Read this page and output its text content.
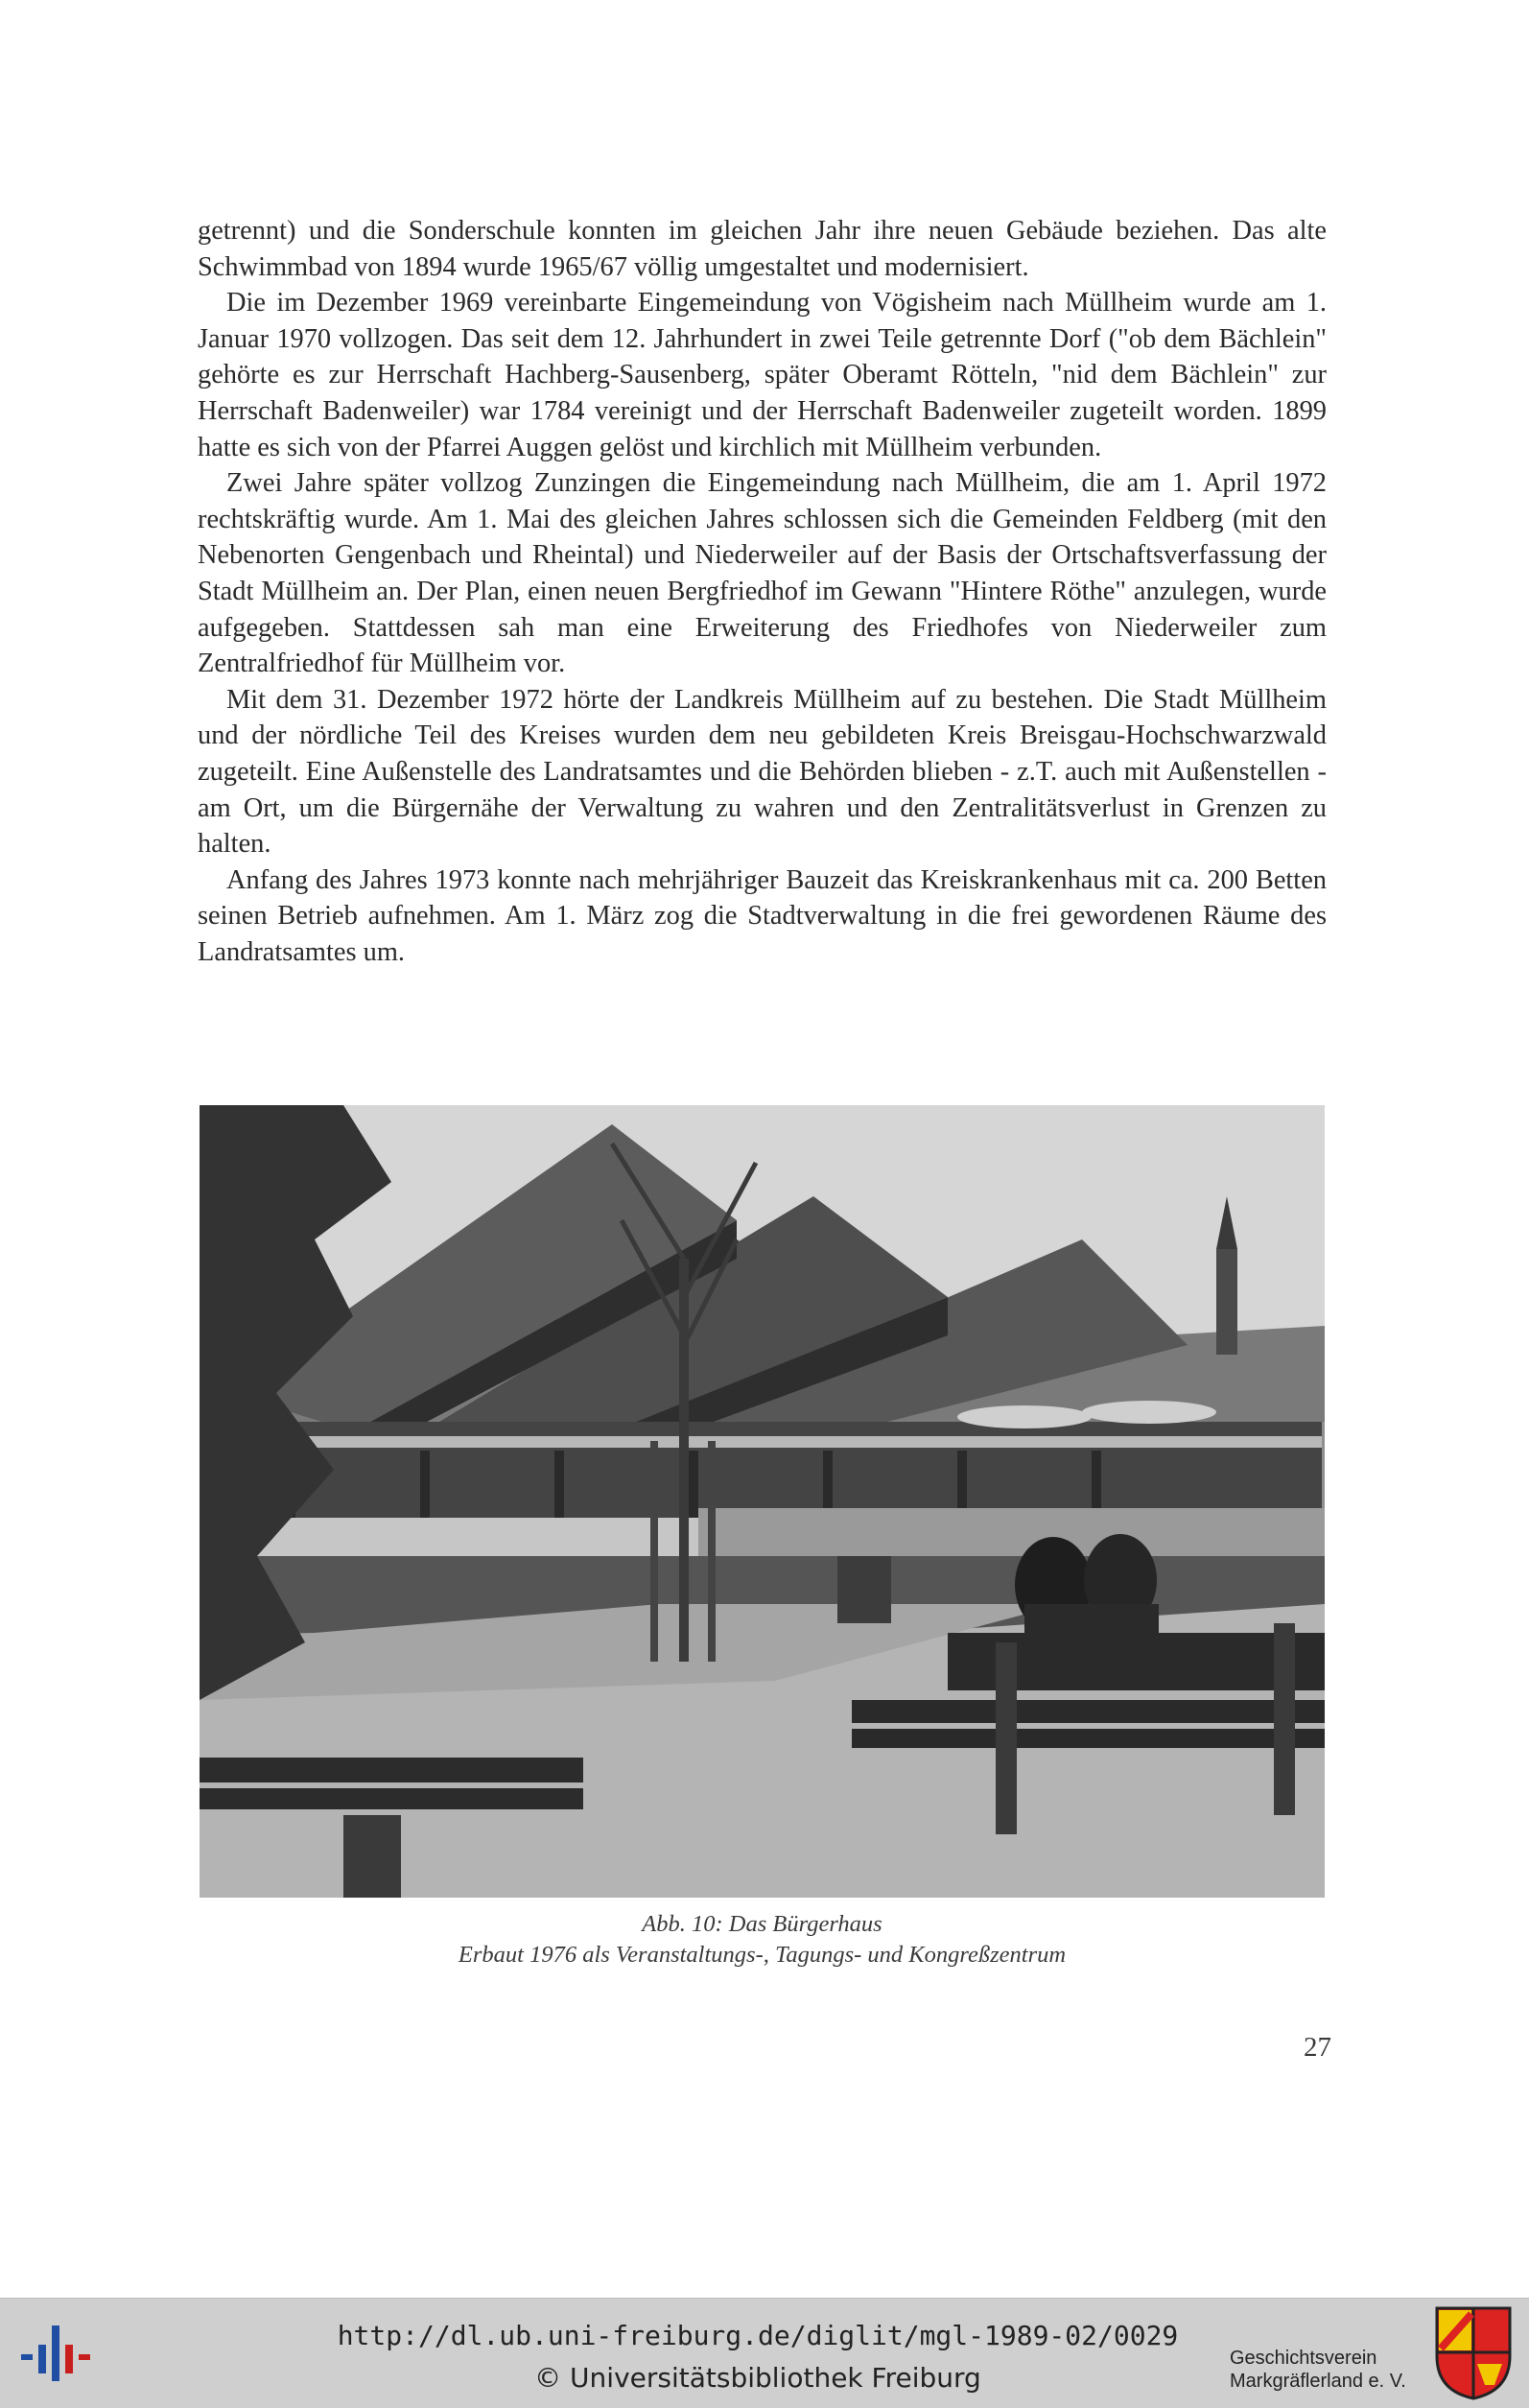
getrennt) und die Sonderschule konnten im gleichen Jahr ihre neuen Gebäude beziehen. Das alte Schwimmbad von 1894 wurde 1965/67 völlig umgestaltet und modernisiert.

Die im Dezember 1969 vereinbarte Eingemeindung von Vögisheim nach Müllheim wurde am 1. Januar 1970 vollzogen. Das seit dem 12. Jahrhundert in zwei Teile getrennte Dorf ("ob dem Bächlein" gehörte es zur Herrschaft Hachberg-Sausenberg, später Oberamt Rötteln, "nid dem Bächlein" zur Herrschaft Badenweiler) war 1784 vereinigt und der Herrschaft Badenweiler zugeteilt worden. 1899 hatte es sich von der Pfarrei Auggen gelöst und kirchlich mit Müllheim verbunden.

Zwei Jahre später vollzog Zunzingen die Eingemeindung nach Müllheim, die am 1. April 1972 rechtskräftig wurde. Am 1. Mai des gleichen Jahres schlossen sich die Gemeinden Feldberg (mit den Nebenorten Gengenbach und Rheintal) und Niederweiler auf der Basis der Ortschaftsverfassung der Stadt Müllheim an. Der Plan, einen neuen Bergfriedhof im Gewann "Hintere Röthe" anzulegen, wurde aufgegeben. Stattdessen sah man eine Erweiterung des Friedhofes von Niederweiler zum Zentralfriedhof für Müllheim vor.

Mit dem 31. Dezember 1972 hörte der Landkreis Müllheim auf zu bestehen. Die Stadt Müllheim und der nördliche Teil des Kreises wurden dem neu gebildeten Kreis Breisgau-Hochschwarzwald zugeteilt. Eine Außenstelle des Landratsamtes und die Behörden blieben - z.T. auch mit Außenstellen - am Ort, um die Bürgernähe der Verwaltung zu wahren und den Zentralitätsverlust in Grenzen zu halten.

Anfang des Jahres 1973 konnte nach mehrjähriger Bauzeit das Kreiskrankenhaus mit ca. 200 Betten seinen Betrieb aufnehmen. Am 1. März zog die Stadtverwaltung in die frei gewordenen Räume des Landratsamtes um.

Abb. 10: Das Bürgerhaus
Erbaut 1976 als Veranstaltungs-, Tagungs- und Kongreßzentrum
27
http://dl.ub.uni-freiburg.de/diglit/mgl-1989-02/0029
© Universitätsbibliothek Freiburg
Geschichtsverein
Markgräflerland e. V.
